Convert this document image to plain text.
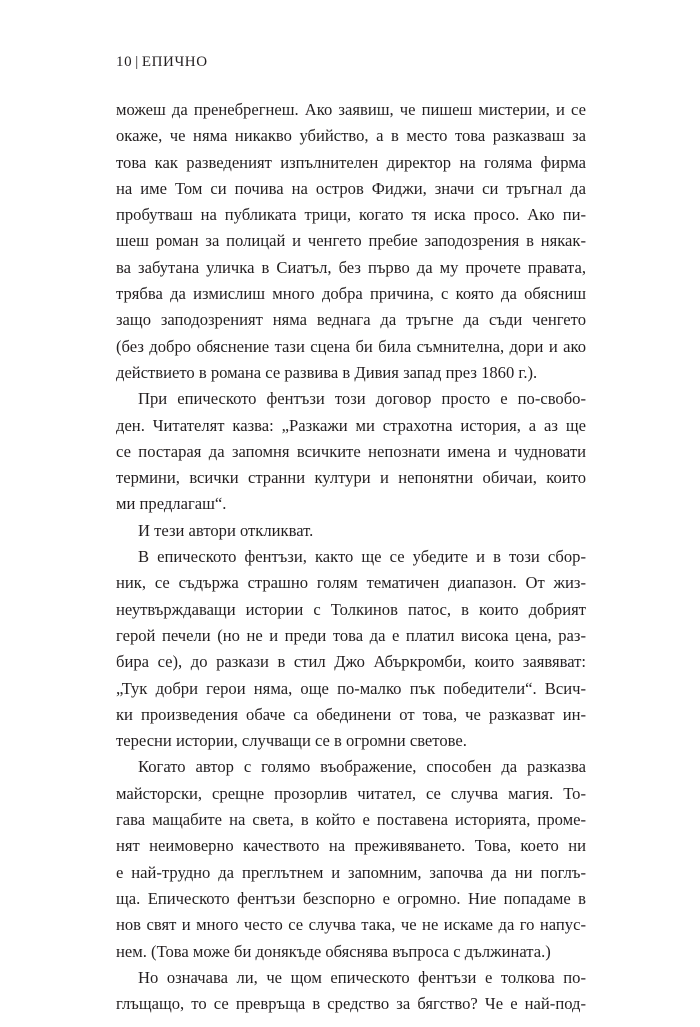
10 | ЕПИЧНО

можеш да пренебрегнеш. Ако заявиш, че пишеш мистерии, и се

окаже, че няма никакво убийство, а в место това разказваш за

това как разведеният изпълнителен директор на голяма фирма

на име Том си почива на остров Фиджи, значи си тръгнал да

пробутваш на публиката трици, когато тя иска просо. Ако пи-

шеш роман за полицай и ченгето пребие заподозрения в някак-

ва забутана уличка в Сиатъл, без първо да му прочете правата,

трябва да измислиш много добра причина, с която да обясниш

защо заподозреният няма веднага да тръгне да съди ченгето

(без добро обяснение тази сцена би била съмнителна, дори и ако

действието в романа се развива в Дивия запад през 1860 г.).

При епическото фентъзи този договор просто е по-свобо-

ден. Читателят казва: „Разкажи ми страхотна история, а аз ще

се постарая да запомня всичките непознати имена и чудновати

термини, всички странни култури и непонятни обичаи, които

ми предлагаш“.

И тези автори откликват.

В епическото фентъзи, както ще се убедите и в този сбор-

ник, се съдържа страшно голям тематичен диапазон. От жиз-

неутвърждаващи истории с Толкинов патос, в които добрият

герой печели (но не и преди това да е платил висока цена, раз-

бира се), до разкази в стил Джо Абъркромби, които заявяват:

„Тук добри герои няма, още по-малко пък победители“. Всич-

ки произведения обаче са обединени от това, че разказват ин-

тересни истории, случващи се в огромни светове.

Когато автор с голямо въображение, способен да разказва

майсторски, срещне прозорлив читател, се случва магия. То-

гава мащабите на света, в който е поставена историята, проме-

нят неимоверно качеството на преживяването. Това, което ни

е най-трудно да преглътнем и запомним, започва да ни поглъ-

ща. Епическото фентъзи безспорно е огромно. Ние попадаме в

нов свят и много често се случва така, че не искаме да го напус-

нем. (Това може би донякъде обяснява въпроса с дължината.)

Но означава ли, че щом епическото фентъзи е толкова по-

глъщащо, то се превръща в средство за бягство? Че е най-под-
